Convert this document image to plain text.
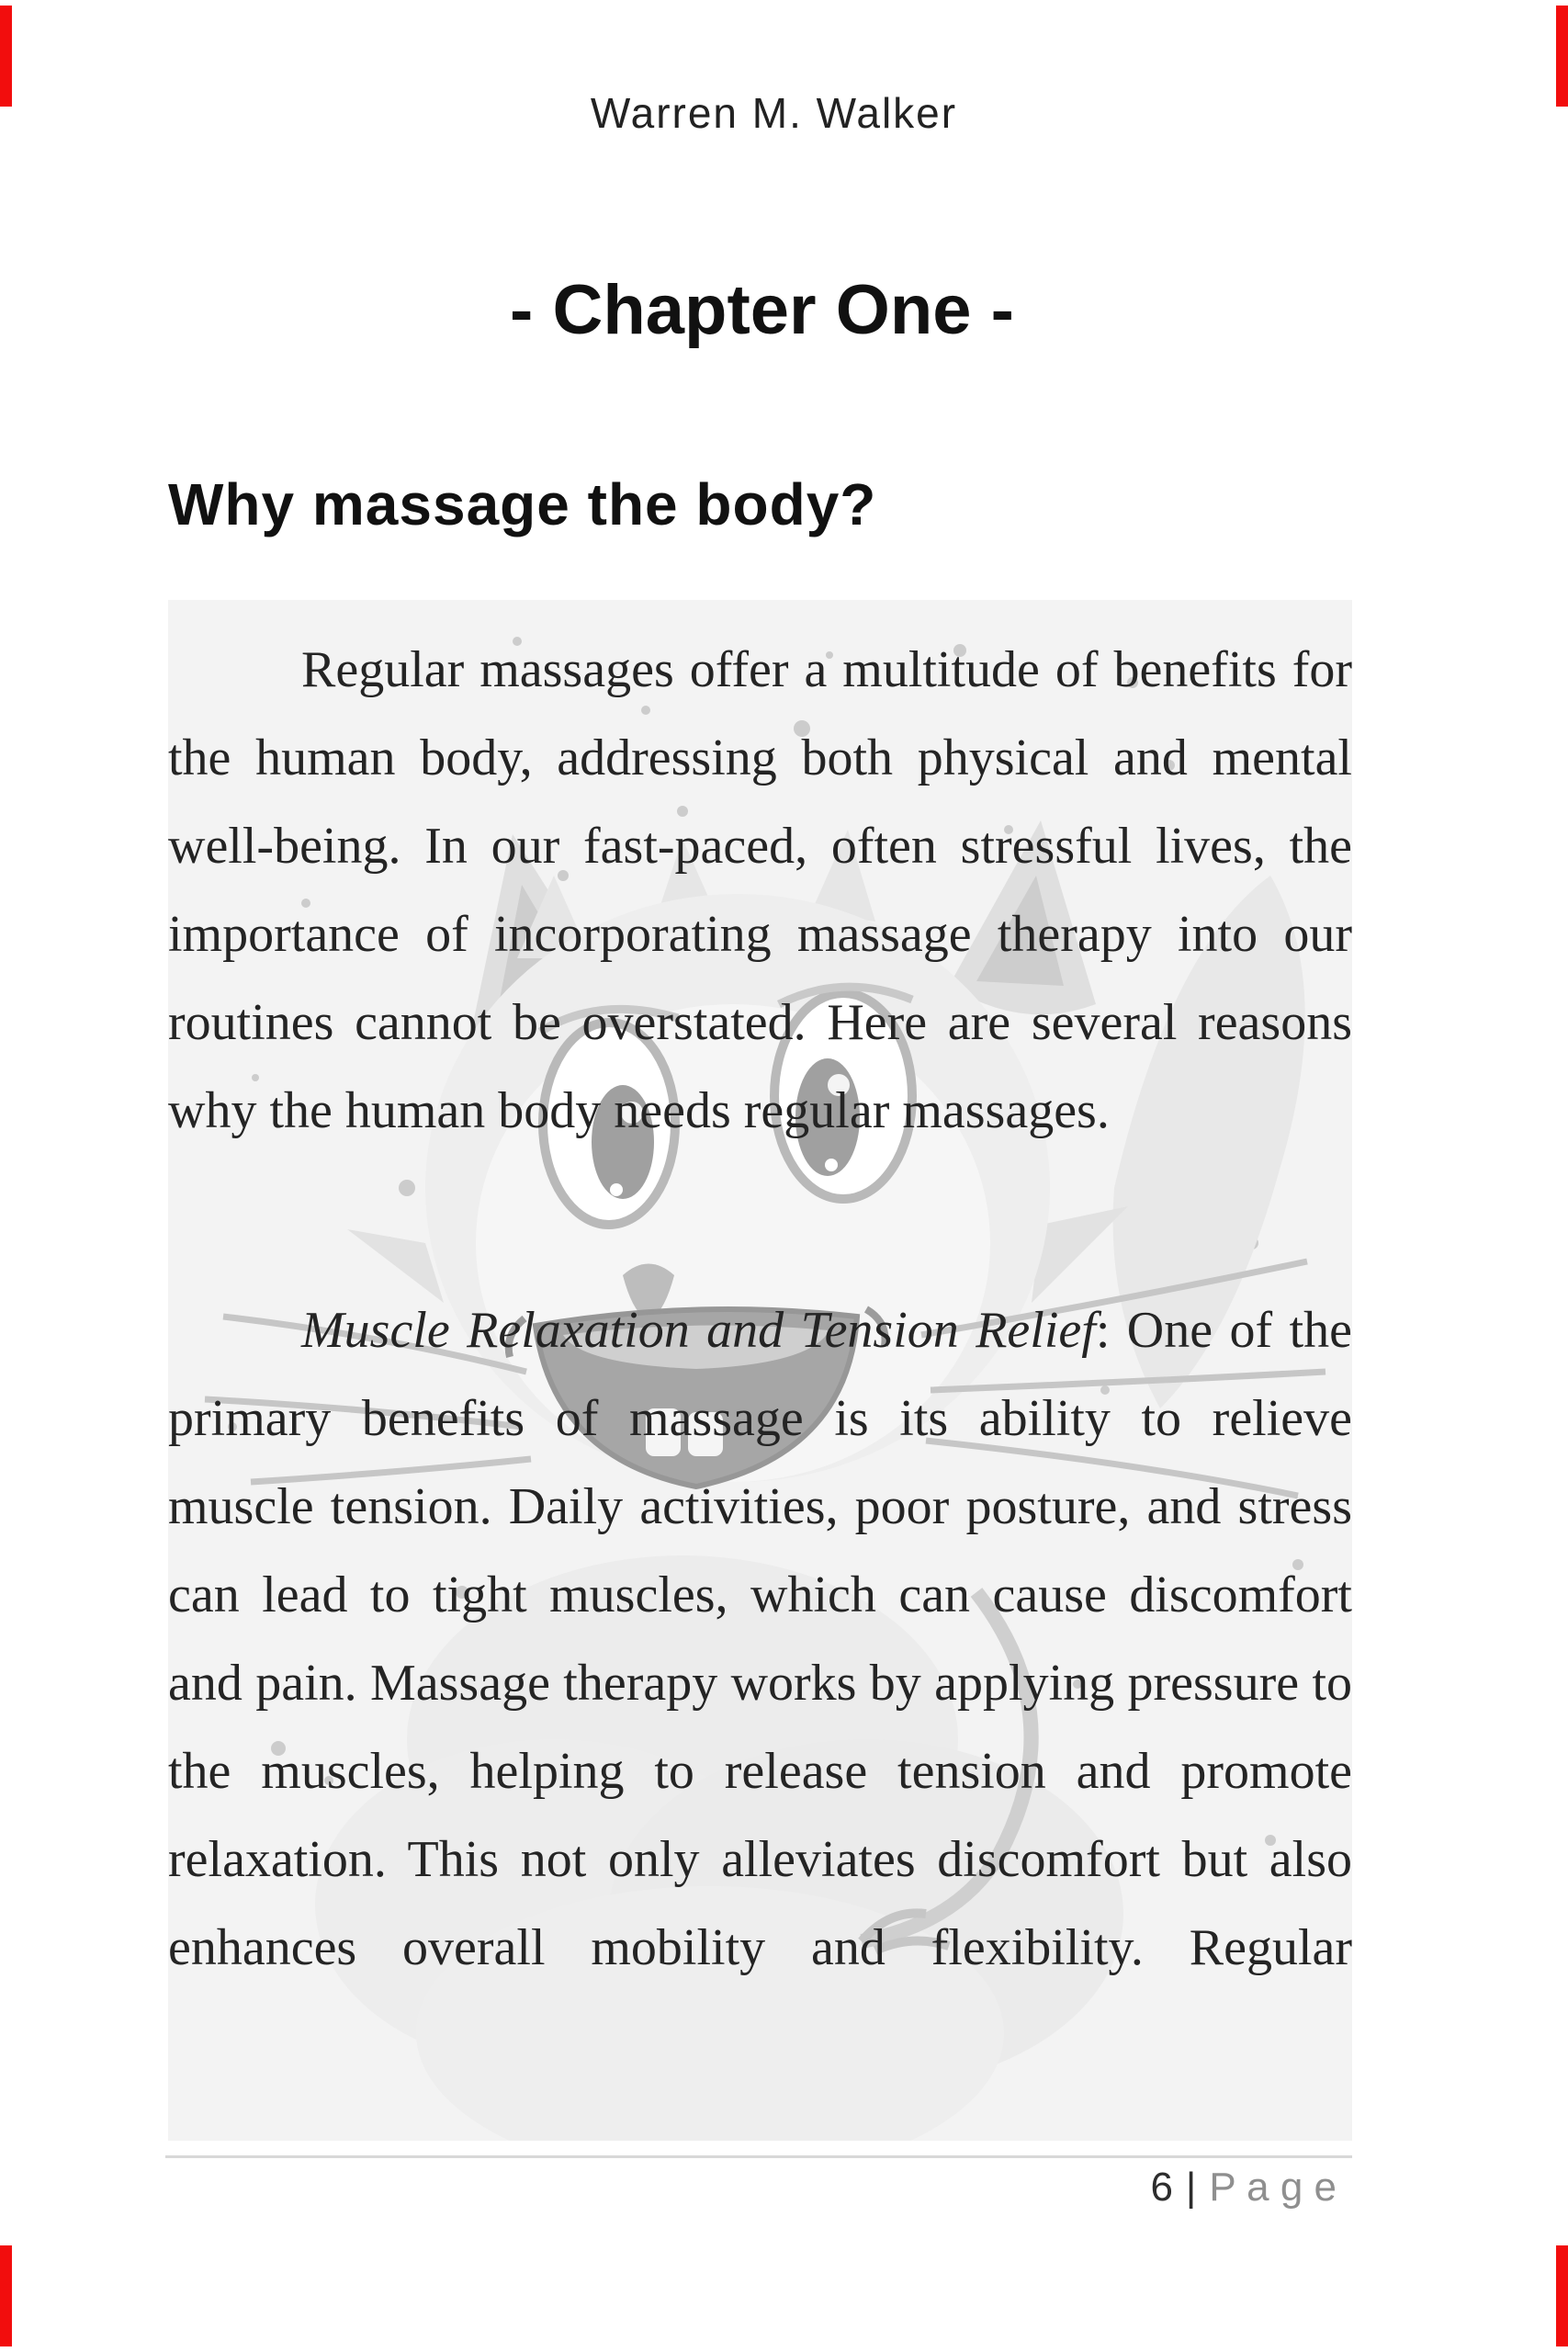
Warren M. Walker
- Chapter One -
Why massage the body?

Regular massages offer a multitude of benefits for the human body, addressing both physical and mental well-being. In our fast-paced, often stressful lives, the importance of incorporating massage therapy into our routines cannot be overstated. Here are several reasons why the human body needs regular massages.

Muscle Relaxation and Tension Relief: One of the primary benefits of massage is its ability to relieve muscle tension. Daily activities, poor posture, and stress can lead to tight muscles, which can cause discomfort and pain. Massage therapy works by applying pressure to the muscles, helping to release tension and promote relaxation. This not only alleviates discomfort but also enhances overall mobility and flexibility. Regular

6 | P a g e
